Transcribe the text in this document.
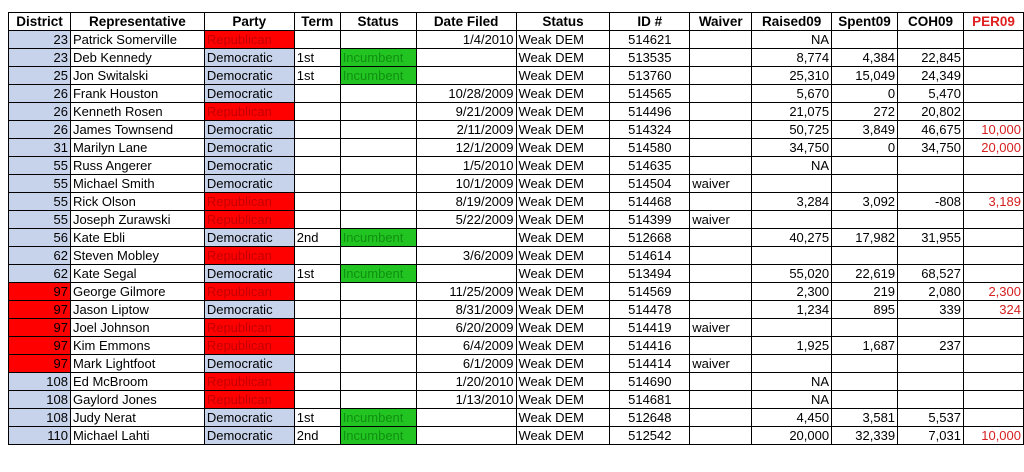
District	Representative	Party	Term	Status	Date Filed	Status	ID #	Waiver	Raised09	Spent09	COH09	PER09
23	Patrick Somerville	Republican			1/4/2010	Weak DEM	514621		NA			
23	Deb Kennedy	Democratic	1st	Incumbent		Weak DEM	513535		8,774	4,384	22,845	
25	Jon Switalski	Democratic	1st	Incumbent		Weak DEM	513760		25,310	15,049	24,349	
26	Frank Houston	Democratic			10/28/2009	Weak DEM	514565		5,670	0	5,470	
26	Kenneth Rosen	Republican			9/21/2009	Weak DEM	514496		21,075	272	20,802	
26	James Townsend	Democratic			2/11/2009	Weak DEM	514324		50,725	3,849	46,675	10,000
31	Marilyn Lane	Democratic			12/1/2009	Weak DEM	514580		34,750	0	34,750	20,000
55	Russ Angerer	Democratic			1/5/2010	Weak DEM	514635		NA			
55	Michael Smith	Democratic			10/1/2009	Weak DEM	514504	waiver				
55	Rick Olson	Republican			8/19/2009	Weak DEM	514468		3,284	3,092	-808	3,189
55	Joseph Zurawski	Republican			5/22/2009	Weak DEM	514399	waiver				
56	Kate Ebli	Democratic	2nd	Incumbent		Weak DEM	512668		40,275	17,982	31,955	
62	Steven Mobley	Republican			3/6/2009	Weak DEM	514614					
62	Kate Segal	Democratic	1st	Incumbent		Weak DEM	513494		55,020	22,619	68,527	
97	George Gilmore	Republican			11/25/2009	Weak DEM	514569		2,300	219	2,080	2,300
97	Jason Liptow	Democratic			8/31/2009	Weak DEM	514478		1,234	895	339	324
97	Joel Johnson	Republican			6/20/2009	Weak DEM	514419	waiver				
97	Kim Emmons	Republican			6/4/2009	Weak DEM	514416		1,925	1,687	237	
97	Mark Lightfoot	Democratic			6/1/2009	Weak DEM	514414	waiver				
108	Ed McBroom	Republican			1/20/2010	Weak DEM	514690		NA			
108	Gaylord Jones	Republican			1/13/2010	Weak DEM	514681		NA			
108	Judy Nerat	Democratic	1st	Incumbent		Weak DEM	512648		4,450	3,581	5,537	
110	Michael Lahti	Democratic	2nd	Incumbent		Weak DEM	512542		20,000	32,339	7,031	10,000
